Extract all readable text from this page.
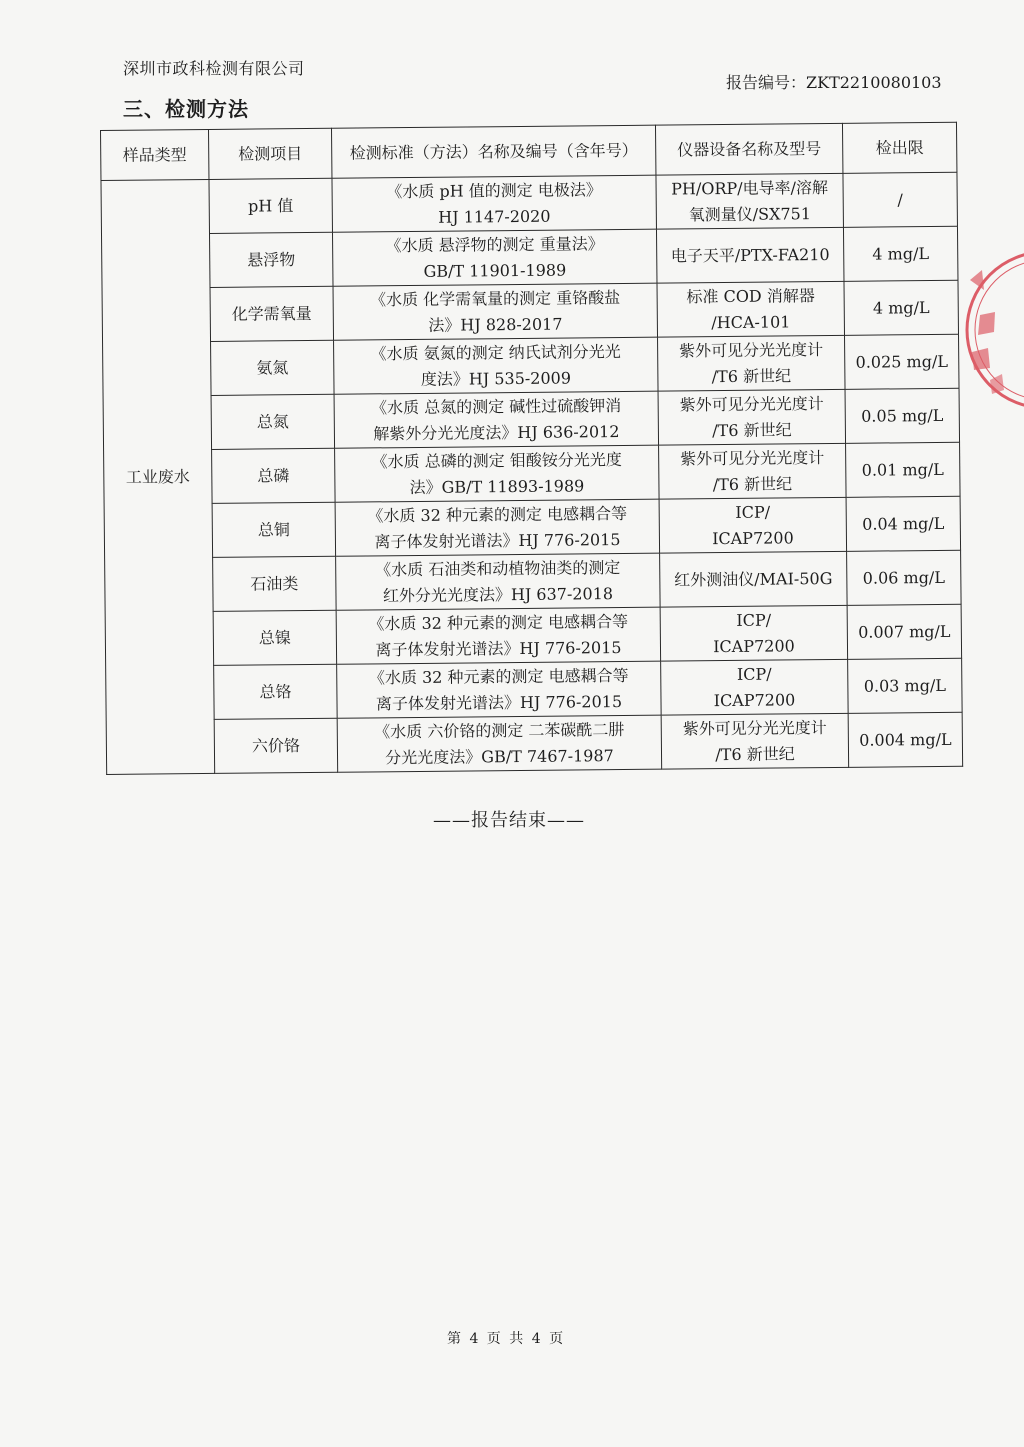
深圳市政科检测有限公司
报告编号：ZKT2210080103
三、检测方法
样品类型	检测项目	检测标准（方法）名称及编号（含年号）	仪器设备名称及型号	检出限
工业废水	pH 值	《水质 pH 值的测定 电极法》
HJ 1147-2020	PH/ORP/电导率/溶解
氧测量仪/SX751	/
	悬浮物	《水质 悬浮物的测定 重量法》
GB/T 11901-1989	电子天平/PTX-FA210	4 mg/L
	化学需氧量	《水质 化学需氧量的测定 重铬酸盐
法》HJ 828-2017	标准 COD 消解器
/HCA-101	4 mg/L
	氨氮	《水质 氨氮的测定 纳氏试剂分光光
度法》HJ 535-2009	紫外可见分光光度计
/T6 新世纪	0.025 mg/L
	总氮	《水质 总氮的测定 碱性过硫酸钾消
解紫外分光光度法》HJ 636-2012	紫外可见分光光度计
/T6 新世纪	0.05 mg/L
	总磷	《水质 总磷的测定 钼酸铵分光光度
法》GB/T 11893-1989	紫外可见分光光度计
/T6 新世纪	0.01 mg/L
	总铜	《水质 32 种元素的测定 电感耦合等
离子体发射光谱法》HJ 776-2015	ICP/
ICAP7200	0.04 mg/L
	石油类	《水质 石油类和动植物油类的测定
红外分光光度法》HJ 637-2018	红外测油仪/MAI-50G	0.06 mg/L
	总镍	《水质 32 种元素的测定 电感耦合等
离子体发射光谱法》HJ 776-2015	ICP/
ICAP7200	0.007 mg/L
	总铬	《水质 32 种元素的测定 电感耦合等
离子体发射光谱法》HJ 776-2015	ICP/
ICAP7200	0.03 mg/L
	六价铬	《水质 六价铬的测定 二苯碳酰二肼
分光光度法》GB/T 7467-1987	紫外可见分光光度计
/T6 新世纪	0.004 mg/L
——报告结束——
第 4 页 共 4 页
